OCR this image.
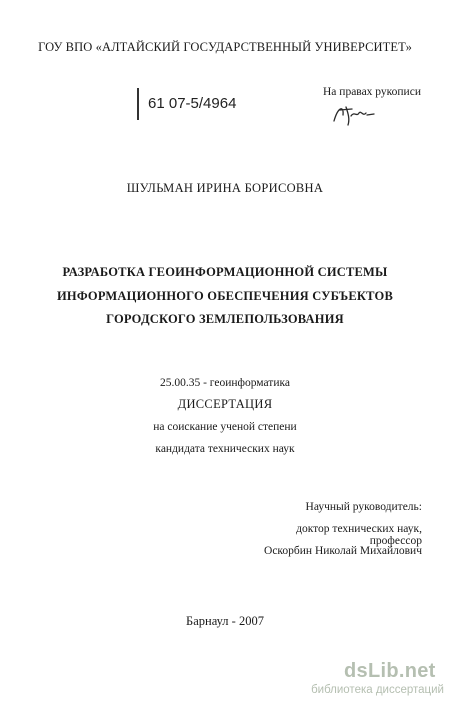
ГОУ ВПО «АЛТАЙСКИЙ ГОСУДАРСТВЕННЫЙ УНИВЕРСИТЕТ»
61 07-5/4964
На правах рукописи
ШУЛЬМАН ИРИНА БОРИСОВНА
РАЗРАБОТКА ГЕОИНФОРМАЦИОННОЙ СИСТЕМЫ
ИНФОРМАЦИОННОГО ОБЕСПЕЧЕНИЯ СУБЪЕКТОВ
ГОРОДСКОГО ЗЕМЛЕПОЛЬЗОВАНИЯ
25.00.35 - геоинформатика
ДИССЕРТАЦИЯ
на соискание ученой степени
кандидата технических наук
Научный руководитель:
доктор технических наук, профессор
Оскорбин Николай Михайлович
Барнаул - 2007
dsLib.net
библиотека диссертаций
